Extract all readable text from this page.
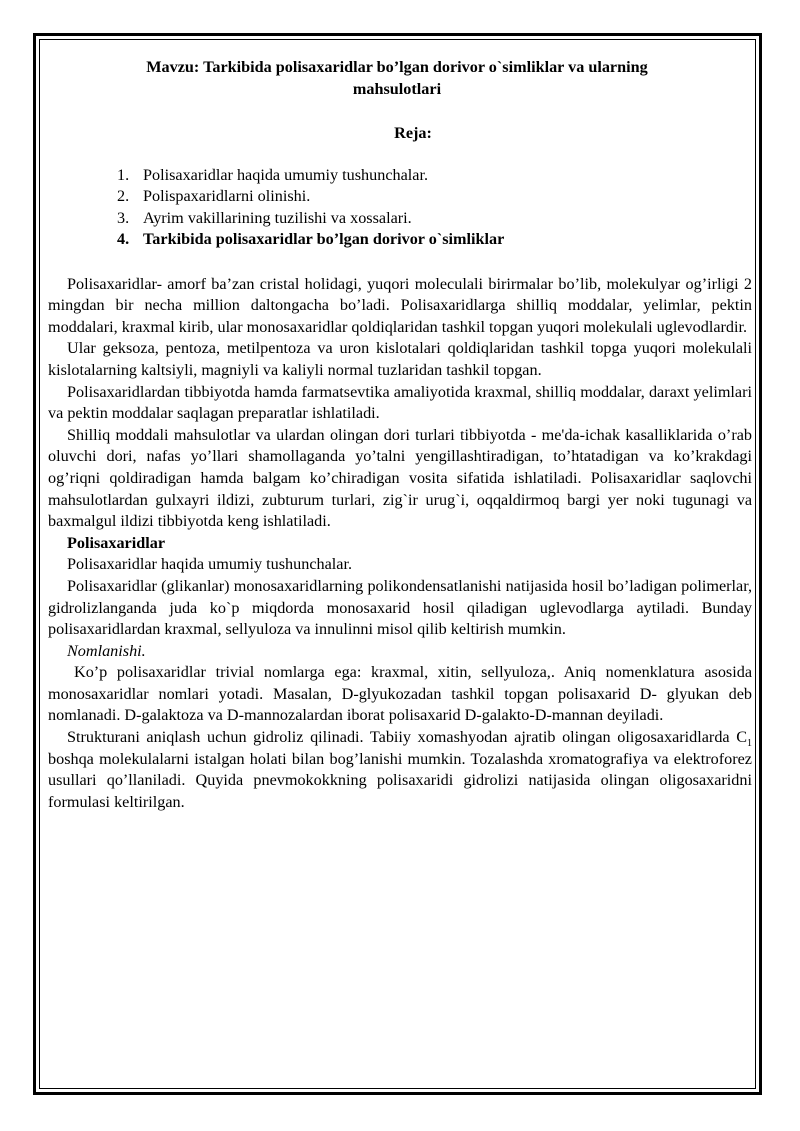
Mavzu: Tarkibida polisaxaridlar bo’lgan dorivor o`simliklar va ularning
mahsulotlari
Reja:
1. Polisaxaridlar haqida umumiy tushunchalar.
2. Polispaxaridlarni olinishi.
3. Ayrim vakillarining tuzilishi va xossalari.
4. Tarkibida polisaxaridlar bo’lgan dorivor o`simliklar

Polisaxaridlar- amorf ba’zan cristal holidagi, yuqori moleculali birirmalar bo’lib, molekulyar og’irligi 2 mingdan bir necha million daltongacha bo’ladi. Polisaxaridlarga shilliq moddalar, yelimlar, pektin moddalari, kraxmal kirib, ular monosaxaridlar qoldiqlaridan tashkil topgan yuqori molekulali uglevodlardir.

Ular geksoza, pentoza, metilpentoza va uron kislotalari qoldiqlaridan tashkil topga yuqori molekulali kislotalarning kaltsiyli, magniyli va kaliyli normal tuzlaridan tashkil topgan.

Polisaxaridlardan tibbiyotda hamda farmatsevtika amaliyotida kraxmal, shilliq moddalar, daraxt yelimlari va pektin moddalar saqlagan preparatlar ishlatiladi.

Shilliq moddali mahsulotlar va ulardan olingan dori turlari tibbiyotda - me'da-ichak kasalliklarida o’rab oluvchi dori, nafas yo’llari shamollaganda yo’talni yengillashtiradigan, to’htatadigan va ko’krakdagi og’riqni qoldiradigan hamda balgam ko’chiradigan vosita sifatida ishlatiladi. Polisaxaridlar saqlovchi mahsulotlardan gulxayri ildizi, zubturum turlari, zig`ir urug`i, oqqaldirmoq bargi yer noki tugunagi va baxmalgul ildizi tibbiyotda keng ishlatiladi.

Polisaxaridlar

Polisaxaridlar haqida umumiy tushunchalar.

Polisaxaridlar (glikanlar) monosaxaridlarning polikondensatlanishi natijasida hosil bo’ladigan polimerlar, gidrolizlanganda juda ko`p miqdorda monosaxarid hosil qiladigan uglevodlarga aytiladi. Bunday polisaxaridlardan kraxmal, sellyuloza va innulinni misol qilib keltirish mumkin.

Nomlanishi.

Ko’p polisaxaridlar trivial nomlarga ega: kraxmal, xitin, sellyuloza,. Aniq nomenklatura asosida monosaxaridlar nomlari yotadi. Masalan, D-glyukozadan tashkil topgan polisaxarid D- glyukan deb nomlanadi. D-galaktoza va D-mannozalardan iborat polisaxarid D-galakto-D-mannan deyiladi.

Strukturani aniqlash uchun gidroliz qilinadi. Tabiiy xomashyodan ajratib olingan oligosaxaridlarda $C_1$ boshqa molekulalarni istalgan holati bilan bog’lanishi mumkin. Tozalashda xromatografiya va elektroforez usullari qo’llaniladi. Quyida pnevmokokkning polisaxaridi gidrolizi natijasida olingan oligosaxaridni formulasi keltirilgan.
